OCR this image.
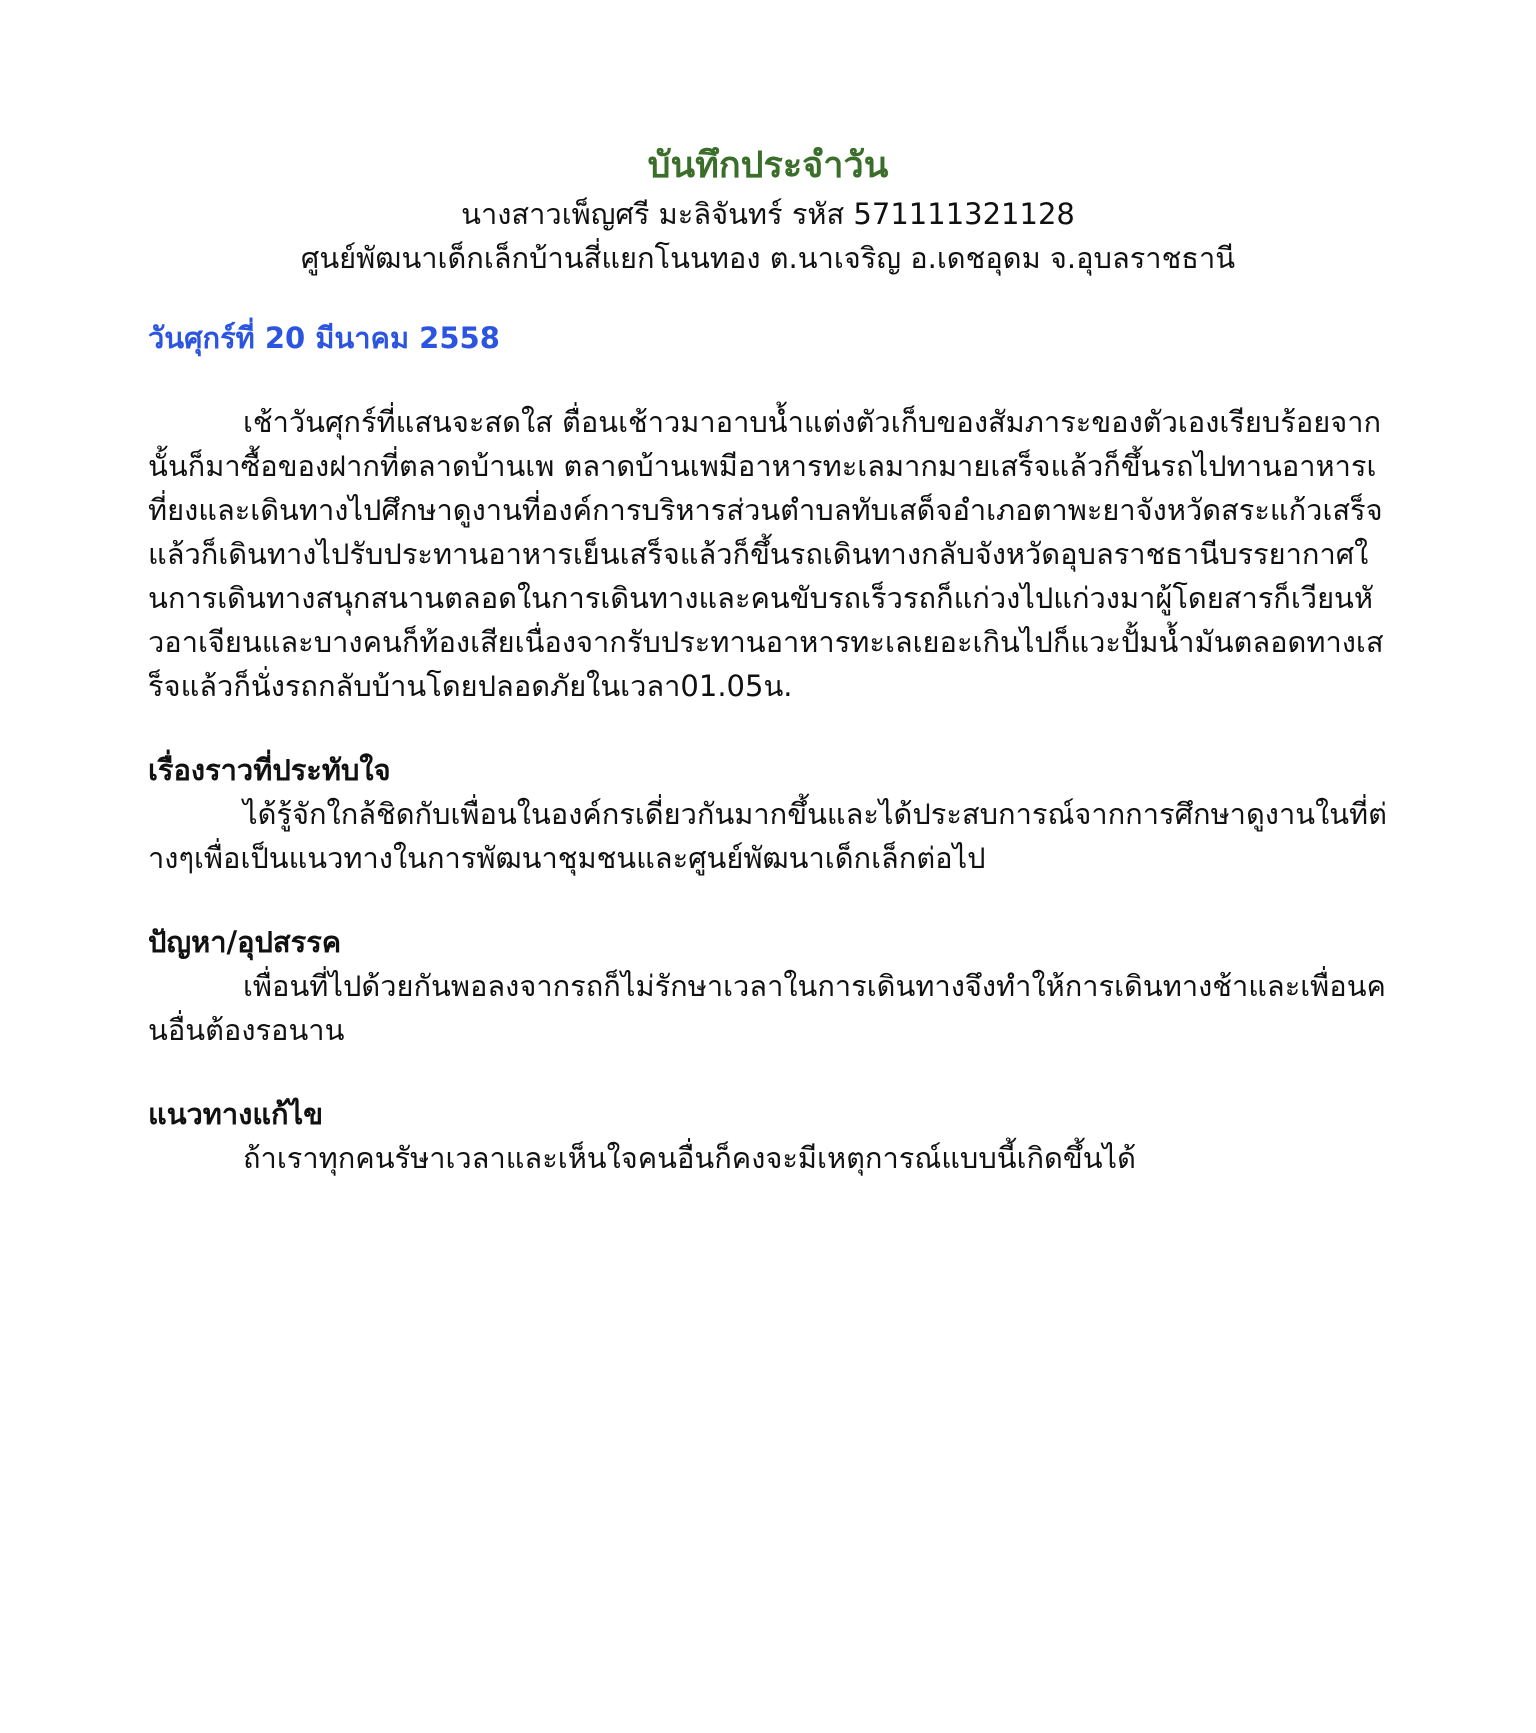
บันทึกประจำวัน

นางสาวเพ็ญศรี มะลิจันทร์ รหัส 571111321128

ศูนย์พัฒนาเด็กเล็กบ้านสี่แยกโนนทอง ต.นาเจริญ อ.เดชอุดม จ.อุบลราชธานี

วันศุกร์ที่ 20 มีนาคม 2558

เช้าวันศุกร์ที่แสนจะสดใส ตื่อนเช้าวมาอาบน้ำแต่งตัวเก็บของสัมภาระของตัวเองเรียบร้อยจากนั้นก็มาซื้อของฝากที่ตลาดบ้านเพ ตลาดบ้านเพมีอาหารทะเลมากมายเสร็จแล้วก็ขึ้นรถไปทานอาหารเที่ยงและเดินทางไปศึกษาดูงานที่องค์การบริหารส่วนตำบลทับเสด็จอำเภอตาพะยาจังหวัดสระแก้วเสร็จแล้วก็เดินทางไปรับประทานอาหารเย็นเสร็จแล้วก็ขึ้นรถเดินทางกลับจังหวัดอุบลราชธานีบรรยากาศในการเดินทางสนุกสนานตลอดในการเดินทางและคนขับรถเร็วรถก็แก่วงไปแก่วงมาผู้โดยสารก็เวียนหัวอาเจียนและบางคนก็ท้องเสียเนื่องจากรับประทานอาหารทะเลเยอะเกินไปก็แวะปั้มน้ำมันตลอดทางเสร็จแล้วก็นั่งรถกลับบ้านโดยปลอดภัยในเวลา01.05น.

เรื่องราวที่ประทับใจ

ได้รู้จักใกล้ชิดกับเพื่อนในองค์กรเดี่ยวกันมากขึ้นและได้ประสบการณ์จากการศึกษาดูงานในที่ต่างๆเพื่อเป็นแนวทางในการพัฒนาชุมชนและศูนย์พัฒนาเด็กเล็กต่อไป

ปัญหา/อุปสรรค

เพื่อนที่ไปด้วยกันพอลงจากรถก็ไม่รักษาเวลาในการเดินทางจึงทำให้การเดินทางช้าและเพื่อนคนอื่นต้องรอนาน

แนวทางแก้ไข

ถ้าเราทุกคนรัษาเวลาและเห็นใจคนอื่นก็คงจะมีเหตุการณ์แบบนี้เกิดขึ้นได้
